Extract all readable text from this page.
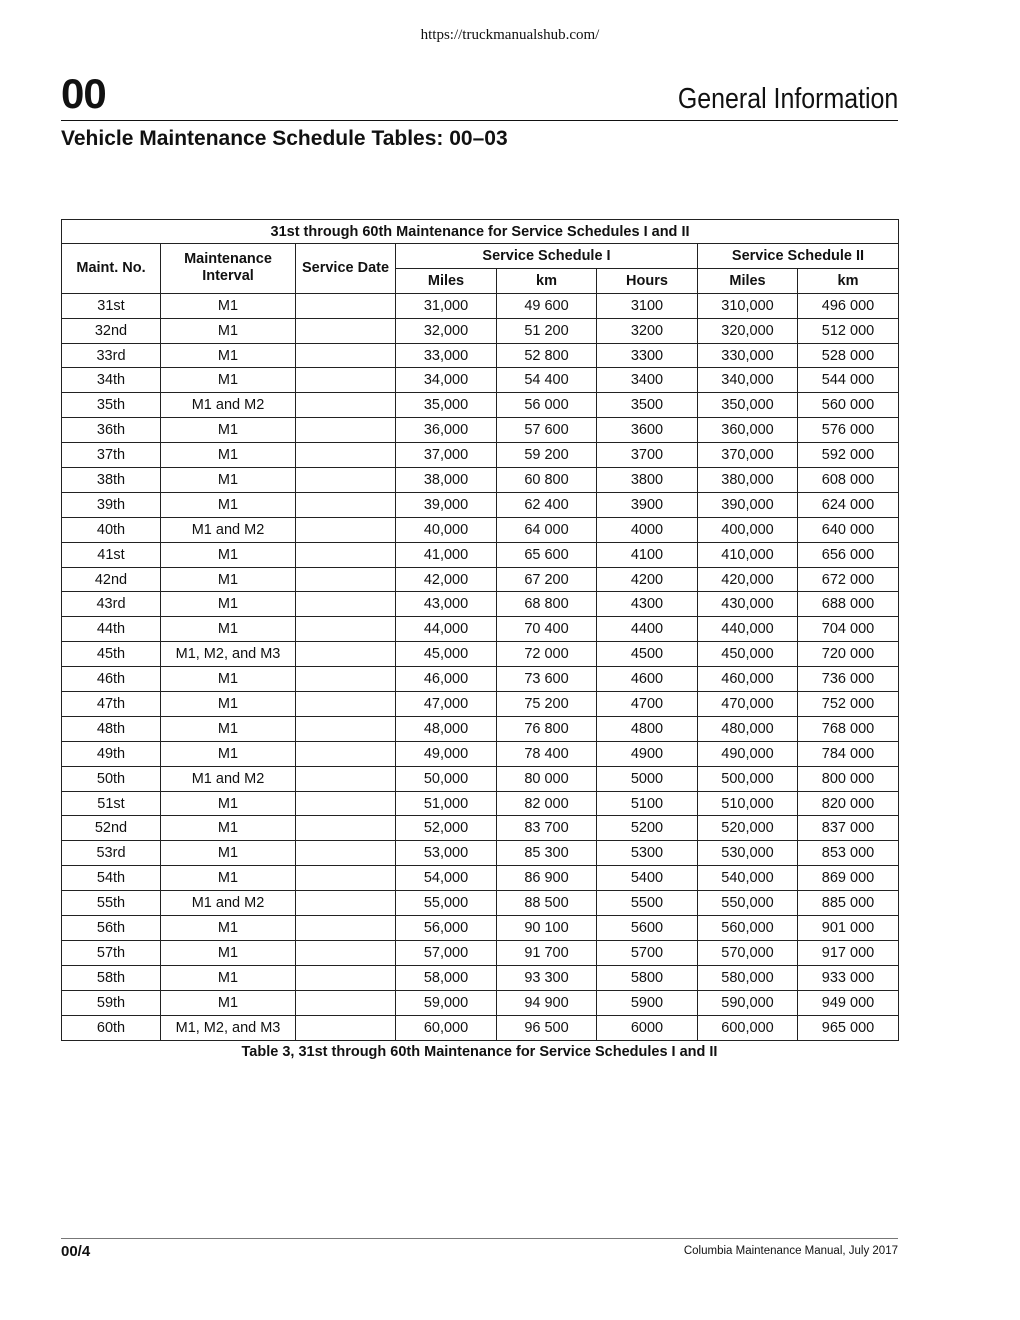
https://truckmanualshub.com/
00	General Information
Vehicle Maintenance Schedule Tables: 00–03
31st through 60th Maintenance for Service Schedules I and II							
Maint. No.	Maintenance Interval	Service Date	Service Schedule I			Service Schedule II	
			Miles	km	Hours	Miles	km
31st	M1		31,000	49 600	3100	310,000	496 000
32nd	M1		32,000	51 200	3200	320,000	512 000
33rd	M1		33,000	52 800	3300	330,000	528 000
34th	M1		34,000	54 400	3400	340,000	544 000
35th	M1 and M2		35,000	56 000	3500	350,000	560 000
36th	M1		36,000	57 600	3600	360,000	576 000
37th	M1		37,000	59 200	3700	370,000	592 000
38th	M1		38,000	60 800	3800	380,000	608 000
39th	M1		39,000	62 400	3900	390,000	624 000
40th	M1 and M2		40,000	64 000	4000	400,000	640 000
41st	M1		41,000	65 600	4100	410,000	656 000
42nd	M1		42,000	67 200	4200	420,000	672 000
43rd	M1		43,000	68 800	4300	430,000	688 000
44th	M1		44,000	70 400	4400	440,000	704 000
45th	M1, M2, and M3		45,000	72 000	4500	450,000	720 000
46th	M1		46,000	73 600	4600	460,000	736 000
47th	M1		47,000	75 200	4700	470,000	752 000
48th	M1		48,000	76 800	4800	480,000	768 000
49th	M1		49,000	78 400	4900	490,000	784 000
50th	M1 and M2		50,000	80 000	5000	500,000	800 000
51st	M1		51,000	82 000	5100	510,000	820 000
52nd	M1		52,000	83 700	5200	520,000	837 000
53rd	M1		53,000	85 300	5300	530,000	853 000
54th	M1		54,000	86 900	5400	540,000	869 000
55th	M1 and M2		55,000	88 500	5500	550,000	885 000
56th	M1		56,000	90 100	5600	560,000	901 000
57th	M1		57,000	91 700	5700	570,000	917 000
58th	M1		58,000	93 300	5800	580,000	933 000
59th	M1		59,000	94 900	5900	590,000	949 000
60th	M1, M2, and M3		60,000	96 500	6000	600,000	965 000
Table 3, 31st through 60th Maintenance for Service Schedules I and II
00/4	Columbia Maintenance Manual, July 2017
